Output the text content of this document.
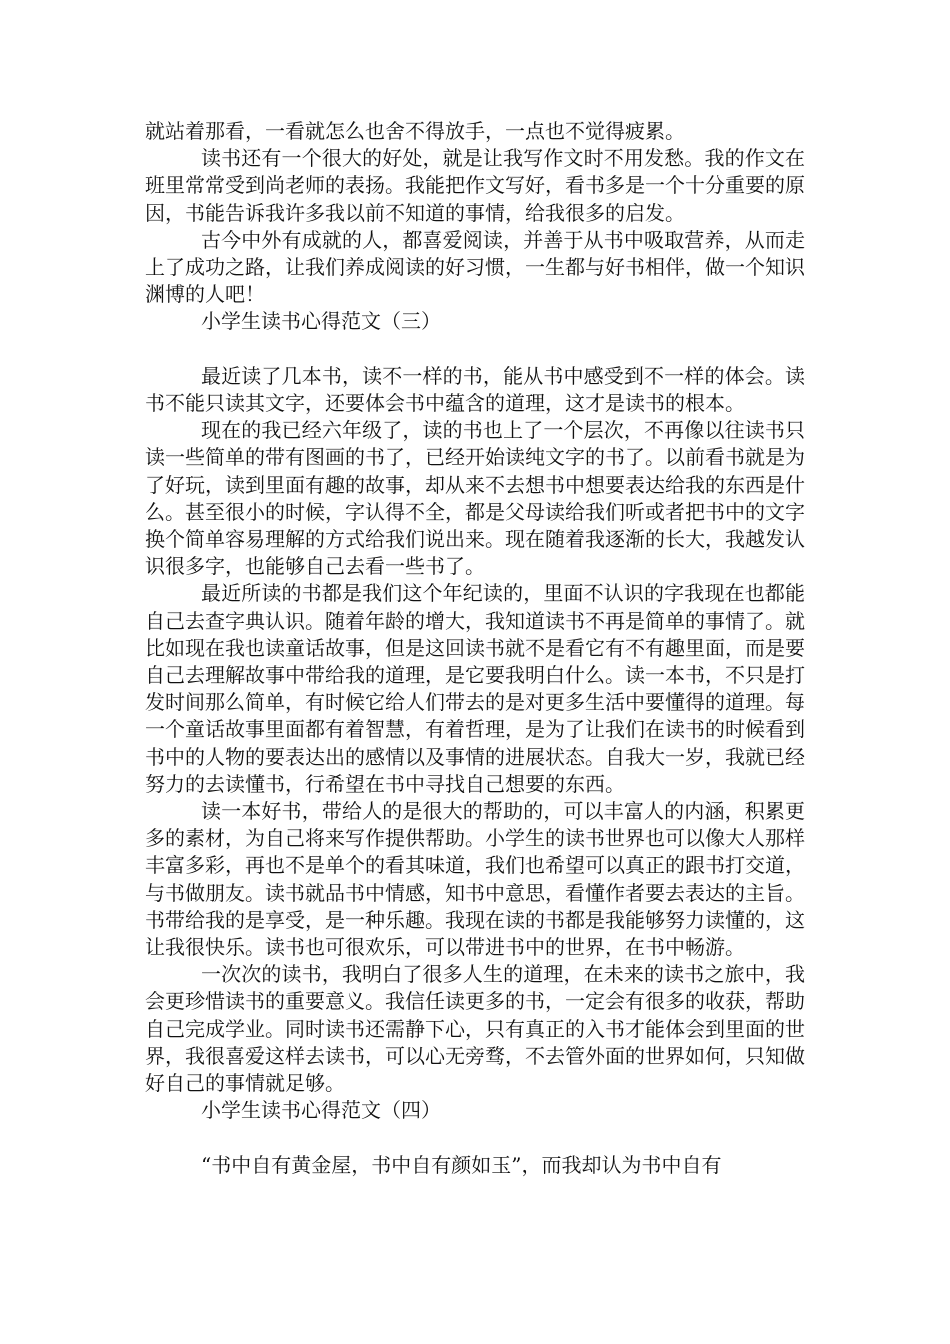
就站着那看，一看就怎么也舍不得放手，一点也不觉得疲累。

读书还有一个很大的好处，就是让我写作文时不用发愁。我的作文在班里常常受到尚老师的表扬。我能把作文写好，看书多是一个十分重要的原因，书能告诉我许多我以前不知道的事情，给我很多的启发。

古今中外有成就的人，都喜爱阅读，并善于从书中吸取营养，从而走上了成功之路，让我们养成阅读的好习惯，一生都与好书相伴，做一个知识渊博的人吧！

小学生读书心得范文（三）

最近读了几本书，读不一样的书，能从书中感受到不一样的体会。读书不能只读其文字，还要体会书中蕴含的道理，这才是读书的根本。

现在的我已经六年级了，读的书也上了一个层次，不再像以往读书只读一些简单的带有图画的书了，已经开始读纯文字的书了。以前看书就是为了好玩，读到里面有趣的故事，却从来不去想书中想要表达给我的东西是什么。甚至很小的时候，字认得不全，都是父母读给我们听或者把书中的文字换个简单容易理解的方式给我们说出来。现在随着我逐渐的长大，我越发认识很多字，也能够自己去看一些书了。

最近所读的书都是我们这个年纪读的，里面不认识的字我现在也都能自己去查字典认识。随着年龄的增大，我知道读书不再是简单的事情了。就比如现在我也读童话故事，但是这回读书就不是看它有不有趣里面，而是要自己去理解故事中带给我的道理，是它要我明白什么。读一本书，不只是打发时间那么简单，有时候它给人们带去的是对更多生活中要懂得的道理。每一个童话故事里面都有着智慧，有着哲理，是为了让我们在读书的时候看到书中的人物的要表达出的感情以及事情的进展状态。自我大一岁，我就已经努力的去读懂书，行希望在书中寻找自己想要的东西。

读一本好书，带给人的是很大的帮助的，可以丰富人的内涵，积累更多的素材，为自己将来写作提供帮助。小学生的读书世界也可以像大人那样丰富多彩，再也不是单个的看其味道，我们也希望可以真正的跟书打交道，与书做朋友。读书就品书中情感，知书中意思，看懂作者要去表达的主旨。书带给我的是享受，是一种乐趣。我现在读的书都是我能够努力读懂的，这让我很快乐。读书也可很欢乐，可以带进书中的世界，在书中畅游。

一次次的读书，我明白了很多人生的道理，在未来的读书之旅中，我会更珍惜读书的重要意义。我信任读更多的书，一定会有很多的收获，帮助自己完成学业。同时读书还需静下心，只有真正的入书才能体会到里面的世界，我很喜爱这样去读书，可以心无旁骛，不去管外面的世界如何，只知做好自己的事情就足够。

小学生读书心得范文（四）

“书中自有黄金屋，书中自有颜如玉”，而我却认为书中自有
